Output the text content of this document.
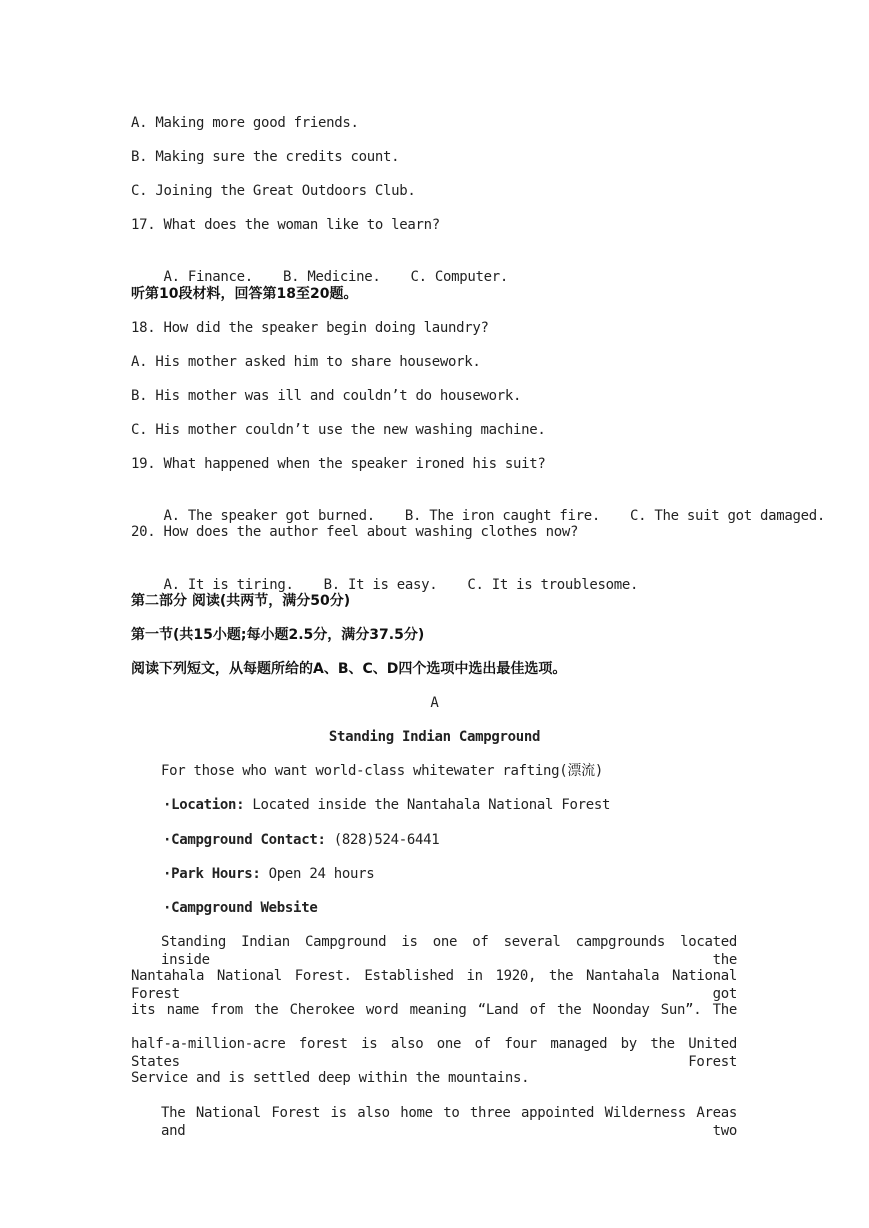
A. Making more good friends.
B. Making sure the credits count.
C. Joining the Great Outdoors Club.
17. What does the woman like to learn?

A. Finance. B. Medicine. C. Computer.

听第10段材料，回答第18至20题。
18. How did the speaker begin doing laundry?
A. His mother asked him to share housework.
B. His mother was ill and couldn’t do housework.
C. His mother couldn’t use the new washing machine.
19. What happened when the speaker ironed his suit?

A. The speaker got burned. B. The iron caught fire. C. The suit got damaged.

20. How does the author feel about washing clothes now?

A. It is tiring. B. It is easy. C. It is troublesome.

第二部分 阅读(共两节，满分50分)
第一节(共15小题;每小题2.5分，满分37.5分)
阅读下列短文，从每题所给的A、B、C、D四个选项中选出最佳选项。
A
Standing Indian Campground
For those who want world-class whitewater rafting(漂流)
·Location: Located inside the Nantahala National Forest
·Campground Contact: (828)524-6441
·Park Hours: Open 24 hours
·Campground Website
Standing Indian Campground is one of several campgrounds located inside the
Nantahala National Forest. Established in 1920, the Nantahala National Forest got
its name from the Cherokee word meaning “Land of the Noonday Sun”. The
half-a-million-acre forest is also one of four managed by the United States Forest
Service and is settled deep within the mountains.
The National Forest is also home to three appointed Wilderness Areas and two
